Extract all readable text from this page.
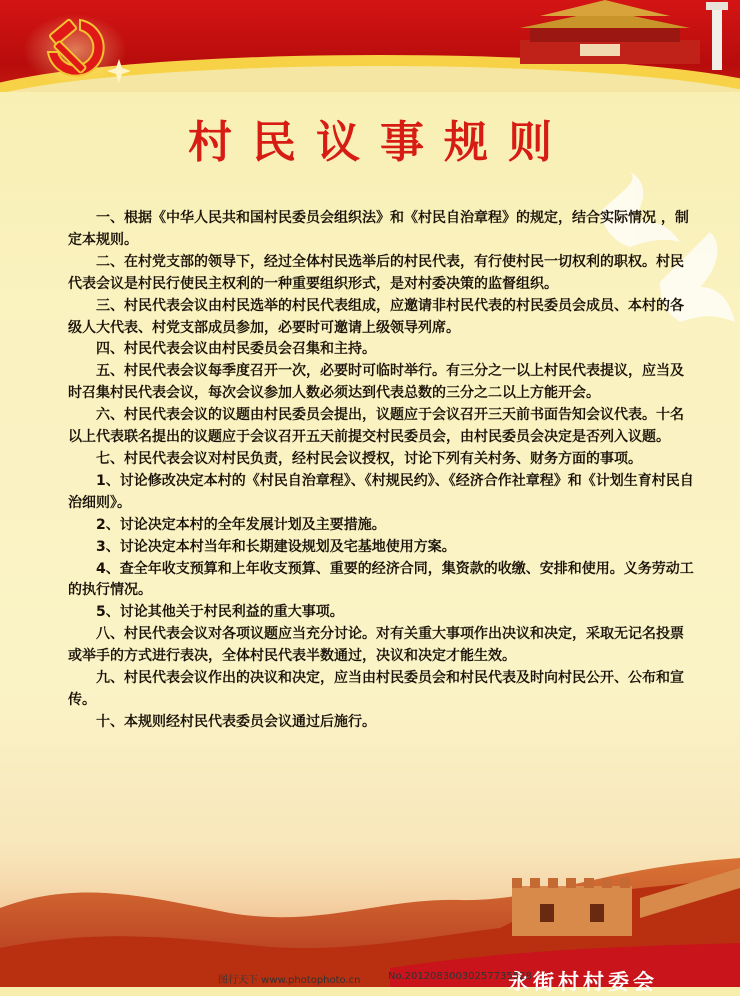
村民议事规则

一、根据《中华人民共和国村民委员会组织法》和《村民自治章程》的规定，结合实际情况 ，制定本规则。

二、在村党支部的领导下，经过全体村民选举后的村民代表，有行使村民一切权利的职权。村民代表会议是村民行使民主权利的一种重要组织形式，是对村委决策的监督组织。

三、村民代表会议由村民选举的村民代表组成，应邀请非村民代表的村民委员会成员、本村的各级人大代表、村党支部成员参加，必要时可邀请上级领导列席。

四、村民代表会议由村民委员会召集和主持。

五、村民代表会议每季度召开一次，必要时可临时举行。有三分之一以上村民代表提议，应当及时召集村民代表会议，每次会议参加人数必须达到代表总数的三分之二以上方能开会。

六、村民代表会议的议题由村民委员会提出，议题应于会议召开三天前书面告知会议代表。十名以上代表联名提出的议题应于会议召开五天前提交村民委员会，由村民委员会决定是否列入议题。

七、村民代表会议对村民负责，经村民会议授权，讨论下列有关村务、财务方面的事项。

1、讨论修改决定本村的《村民自治章程》、《村规民约》、《经济合作社章程》和《计划生育村民自治细则》。

2、讨论决定本村的全年发展计划及主要措施。

3、讨论决定本村当年和长期建设规划及宅基地使用方案。

4、查全年收支预算和上年收支预算、重要的经济合同，集资款的收缴、安排和使用。义务劳动工的执行情况。

5、讨论其他关于村民利益的重大事项。

八、村民代表会议对各项议题应当充分讨论。对有关重大事项作出决议和决定，采取无记名投票或举手的方式进行表决，全体村民代表半数通过，决议和决定才能生效。

九、村民代表会议作出的决议和决定，应当由村民委员会和村民代表及时向村民公开、公布和宣传。

十、本规则经村民代表委员会议通过后施行。

永街村村委会
图行天下 www.photophoto.cn	No.20120830030257735528
